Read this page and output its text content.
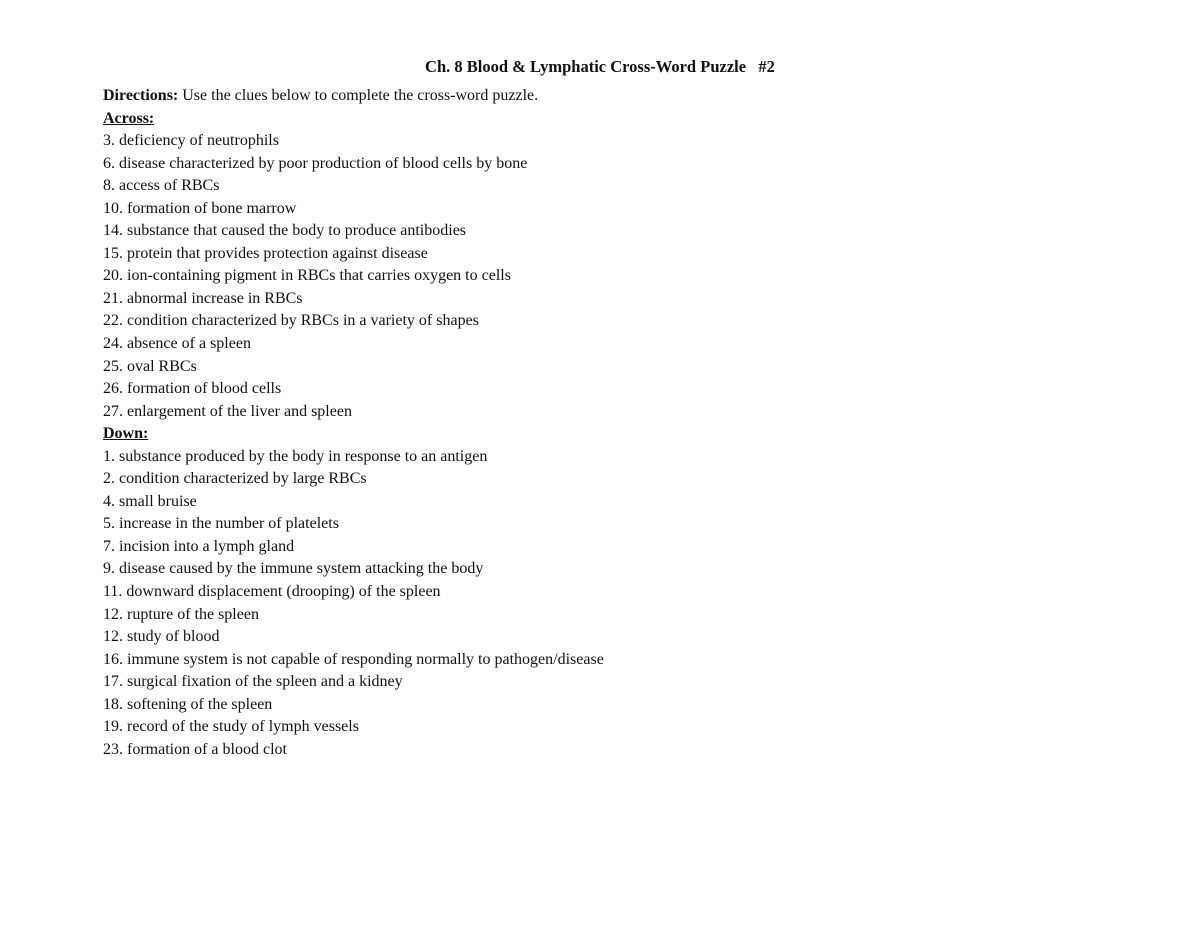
Ch. 8 Blood & Lymphatic Cross-Word Puzzle   #2
Directions: Use the clues below to complete the cross-word puzzle.
Across:
3. deficiency of neutrophils
6. disease characterized by poor production of blood cells by bone
8. access of RBCs
10. formation of bone marrow
14. substance that caused the body to produce antibodies
15. protein that provides protection against disease
20. ion-containing pigment in RBCs that carries oxygen to cells
21. abnormal increase in RBCs
22. condition characterized by RBCs in a variety of shapes
24. absence of a spleen
25. oval RBCs
26. formation of blood cells
27. enlargement of the liver and spleen
Down:
1. substance produced by the body in response to an antigen
2. condition characterized by large RBCs
4. small bruise
5. increase in the number of platelets
7. incision into a lymph gland
9. disease caused by the immune system attacking the body
11. downward displacement (drooping) of the spleen
12. rupture of the spleen
12. study of blood
16. immune system is not capable of responding normally to pathogen/disease
17. surgical fixation of the spleen and a kidney
18. softening of the spleen
19. record of the study of lymph vessels
23. formation of a blood clot
